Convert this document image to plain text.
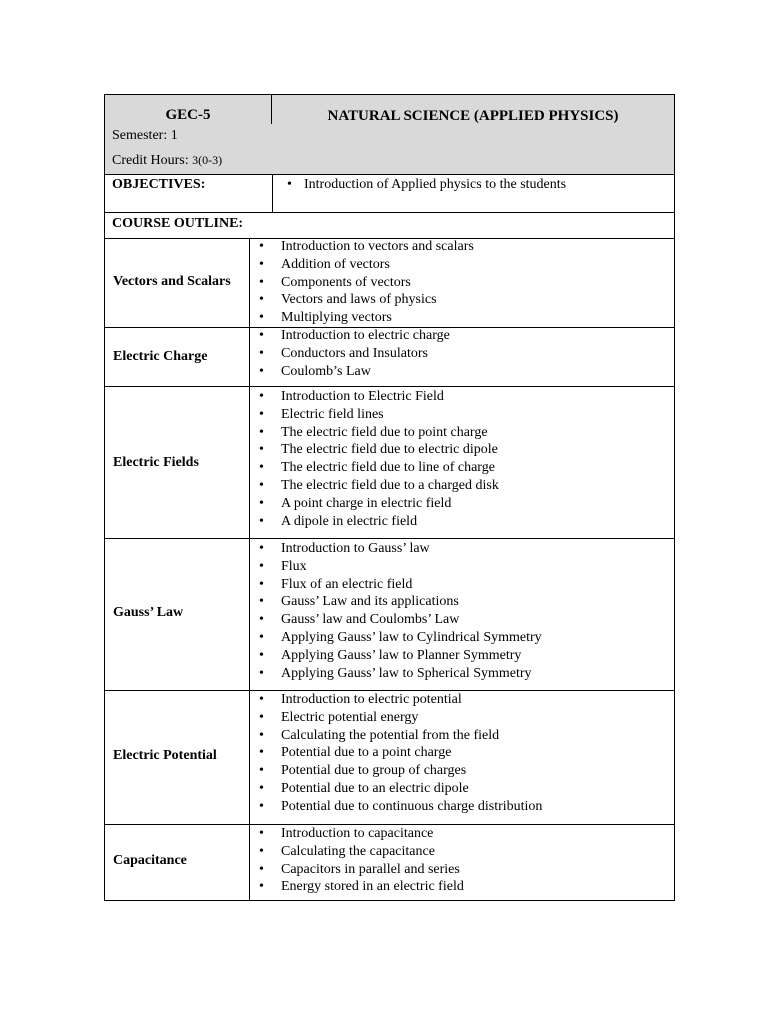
GEC-5	NATURAL SCIENCE (APPLIED PHYSICS)
Semester: 1
Credit Hours: 3(0-3)
OBJECTIVES:	• Introduction of Applied physics to the students
COURSE OUTLINE:
Vectors and Scalars
• Introduction to vectors and scalars
• Addition of vectors
• Components of vectors
• Vectors and laws of physics
• Multiplying vectors
Electric Charge
• Introduction to electric charge
• Conductors and Insulators
• Coulomb’s Law
Electric Fields
• Introduction to Electric Field
• Electric field lines
• The electric field due to point charge
• The electric field due to electric dipole
• The electric field due to line of charge
• The electric field due to a charged disk
• A point charge in electric field
• A dipole in electric field
Gauss’ Law
• Introduction to Gauss’ law
• Flux
• Flux of an electric field
• Gauss’ Law and its applications
• Gauss’ law and Coulombs’ Law
• Applying Gauss’ law to Cylindrical Symmetry
• Applying Gauss’ law to Planner Symmetry
• Applying Gauss’ law to Spherical Symmetry
Electric Potential
• Introduction to electric potential
• Electric potential energy
• Calculating the potential from the field
• Potential due to a point charge
• Potential due to group of charges
• Potential due to an electric dipole
• Potential due to continuous charge distribution
Capacitance
• Introduction to capacitance
• Calculating the capacitance
• Capacitors in parallel and series
• Energy stored in an electric field
